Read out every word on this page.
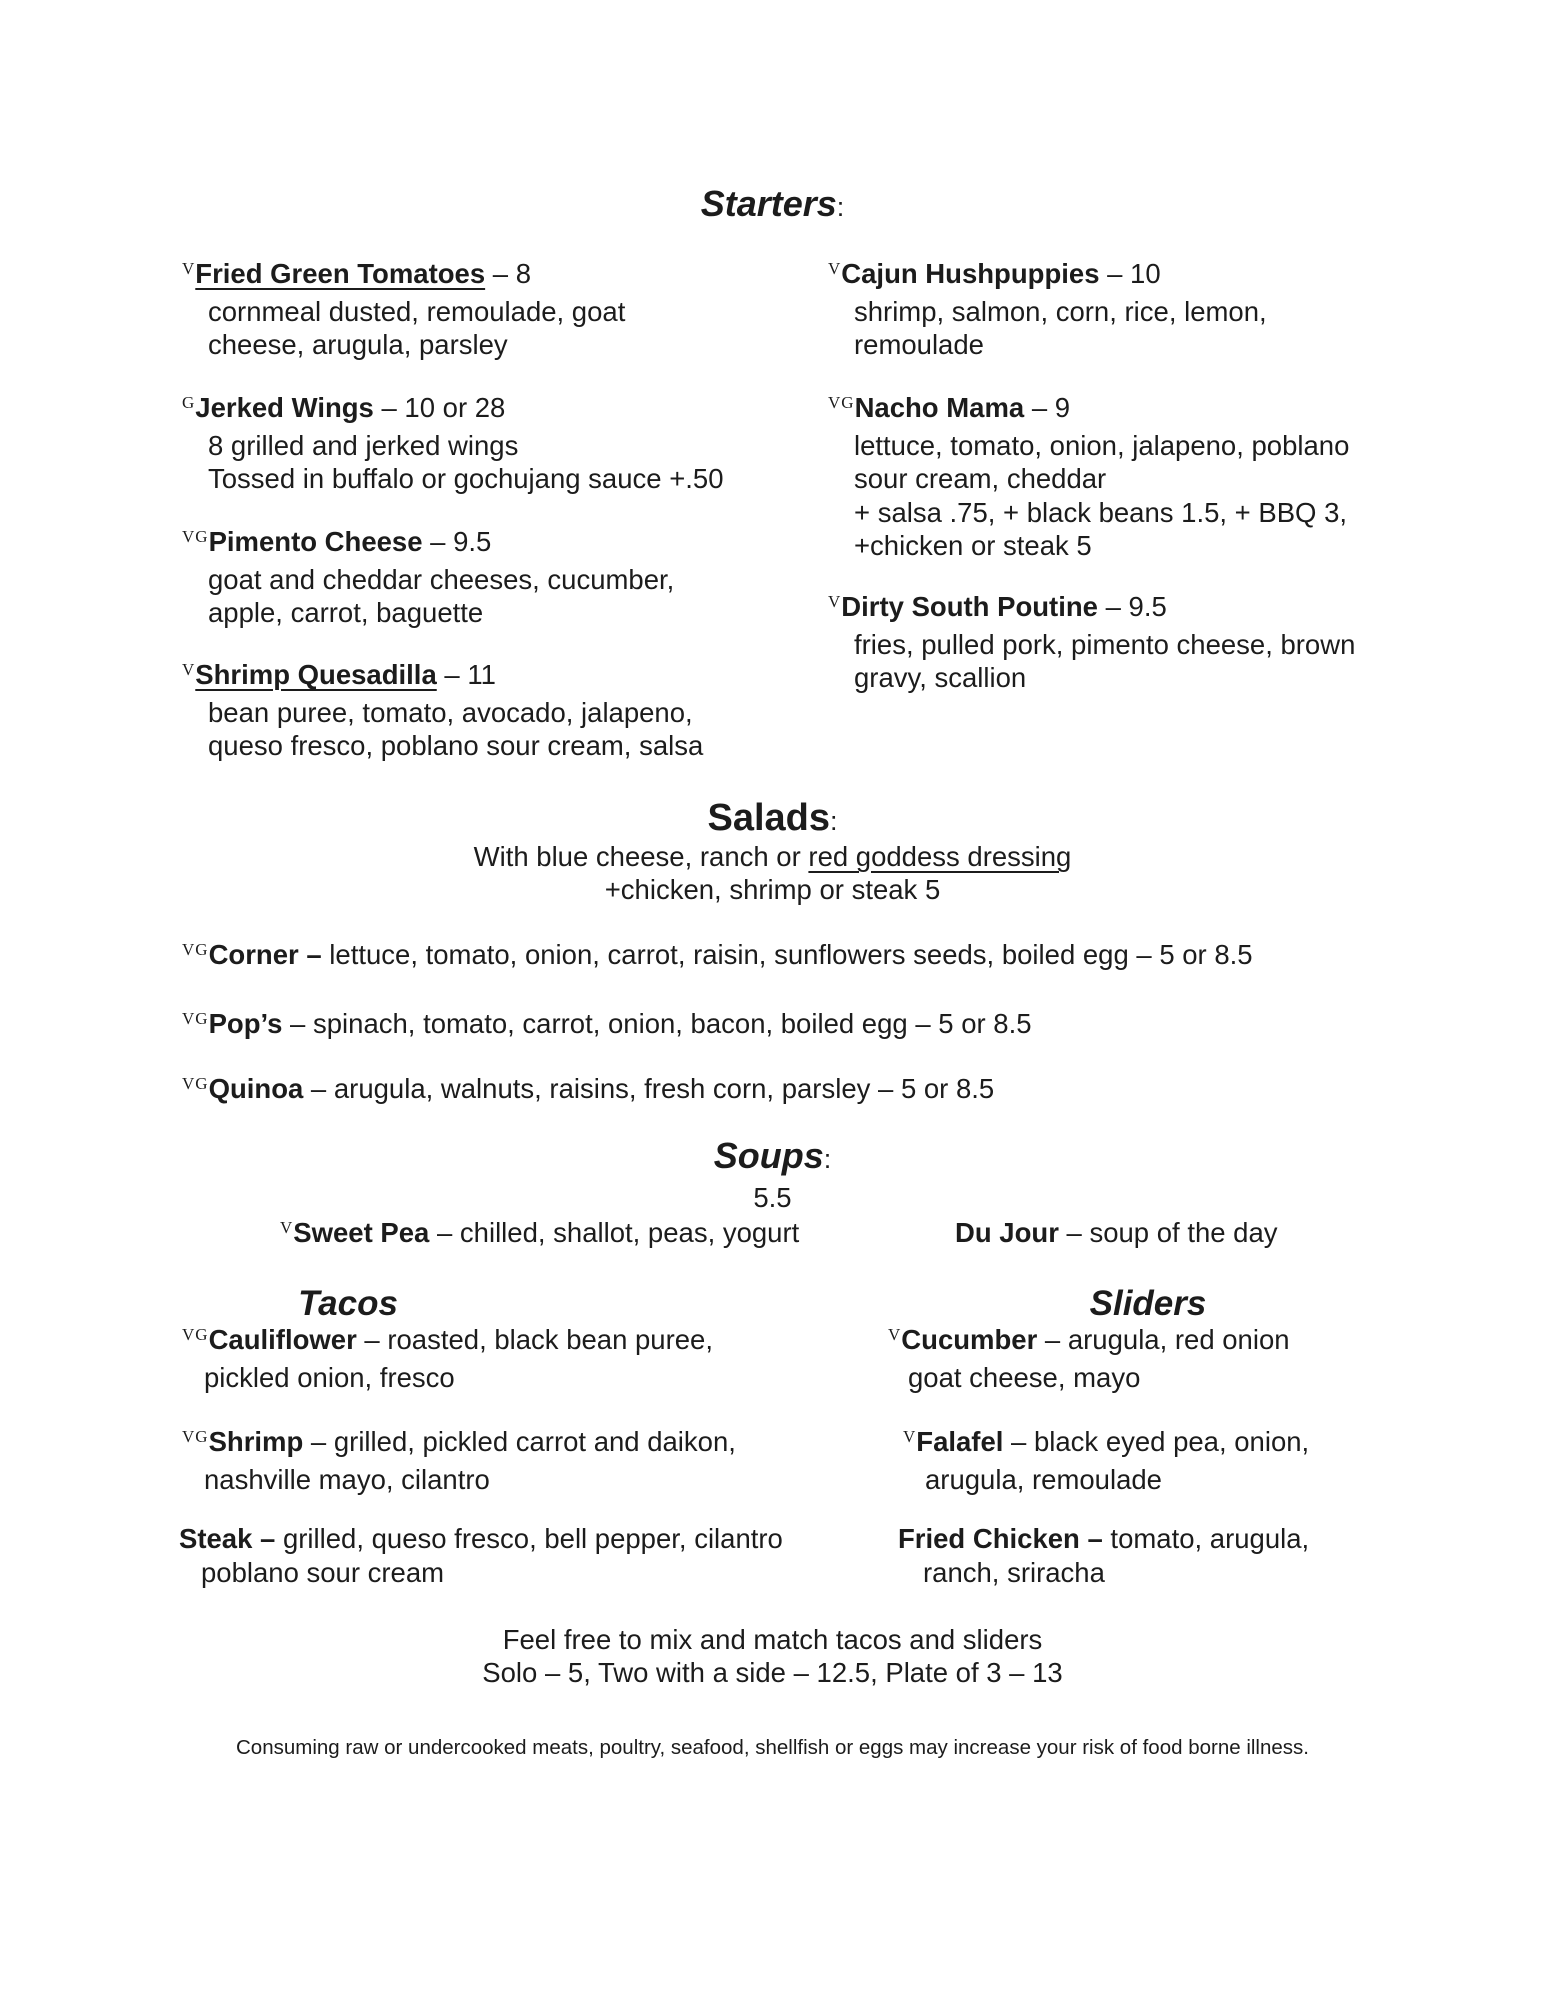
Starters:
VFried Green Tomatoes – 8
cornmeal dusted, remoulade, goat
cheese, arugula, parsley
GJerked Wings – 10 or 28
8 grilled and jerked wings
Tossed in buffalo or gochujang sauce +.50
VGPimento Cheese – 9.5
goat and cheddar cheeses, cucumber,
apple, carrot, baguette
VShrimp Quesadilla – 11
bean puree, tomato, avocado, jalapeno,
queso fresco, poblano sour cream, salsa
VCajun Hushpuppies – 10
shrimp, salmon, corn, rice, lemon,
remoulade
VGNacho Mama – 9
lettuce, tomato, onion, jalapeno, poblano
sour cream, cheddar
+ salsa .75, + black beans 1.5, + BBQ 3,
+chicken or steak 5
VDirty South Poutine – 9.5
fries, pulled pork, pimento cheese, brown
gravy, scallion
Salads:
With blue cheese, ranch or red goddess dressing
+chicken, shrimp or steak 5
VGCorner – lettuce, tomato, onion, carrot, raisin, sunflowers seeds, boiled egg – 5 or 8.5
VGPop’s – spinach, tomato, carrot, onion, bacon, boiled egg – 5 or 8.5
VGQuinoa – arugula, walnuts, raisins, fresh corn, parsley – 5 or 8.5
Soups:
5.5
VSweet Pea – chilled, shallot, peas, yogurt	Du Jour – soup of the day
Tacos
VGCauliflower – roasted, black bean puree,
pickled onion, fresco
VGShrimp – grilled, pickled carrot and daikon,
nashville mayo, cilantro
Steak – grilled, queso fresco, bell pepper, cilantro
poblano sour cream
Sliders
VCucumber – arugula, red onion
goat cheese, mayo
VFalafel – black eyed pea, onion,
arugula, remoulade
Fried Chicken – tomato, arugula,
ranch, sriracha
Feel free to mix and match tacos and sliders
Solo – 5, Two with a side – 12.5, Plate of 3 – 13
Consuming raw or undercooked meats, poultry, seafood, shellfish or eggs may increase your risk of food borne illness.
